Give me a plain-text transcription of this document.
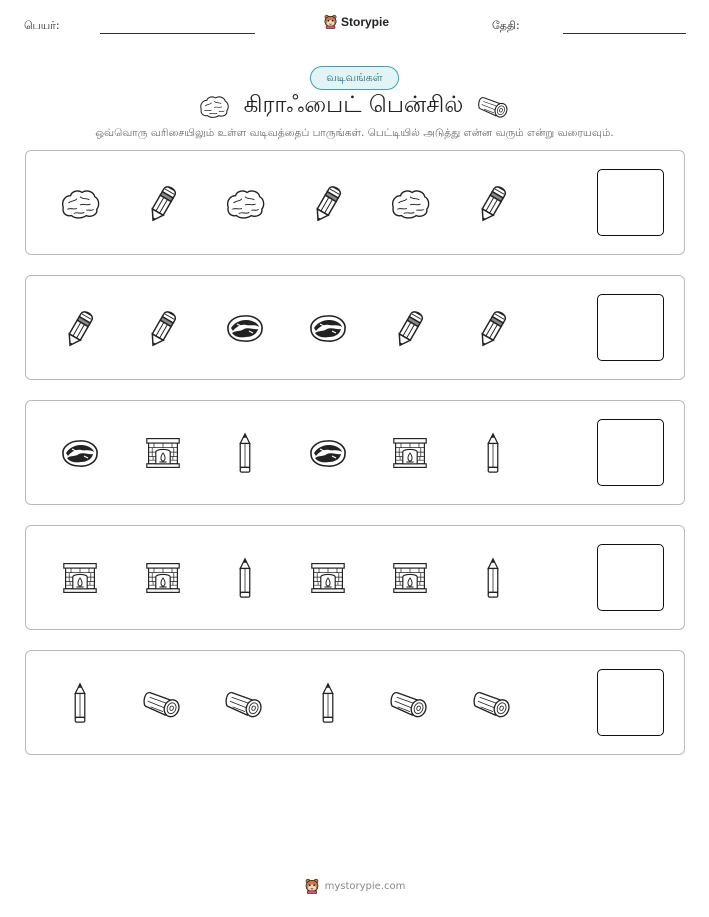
பெயர்:	Storypie	தேதி:
வடிவங்கள்
கிராஃபைட் பென்சில்
ஒவ்வொரு வரிசையிலும் உள்ள வடிவத்தைப் பாருங்கள். பெட்டியில் அடுத்து என்ன வரும் என்று வரையவும்.
mystorypie.com
